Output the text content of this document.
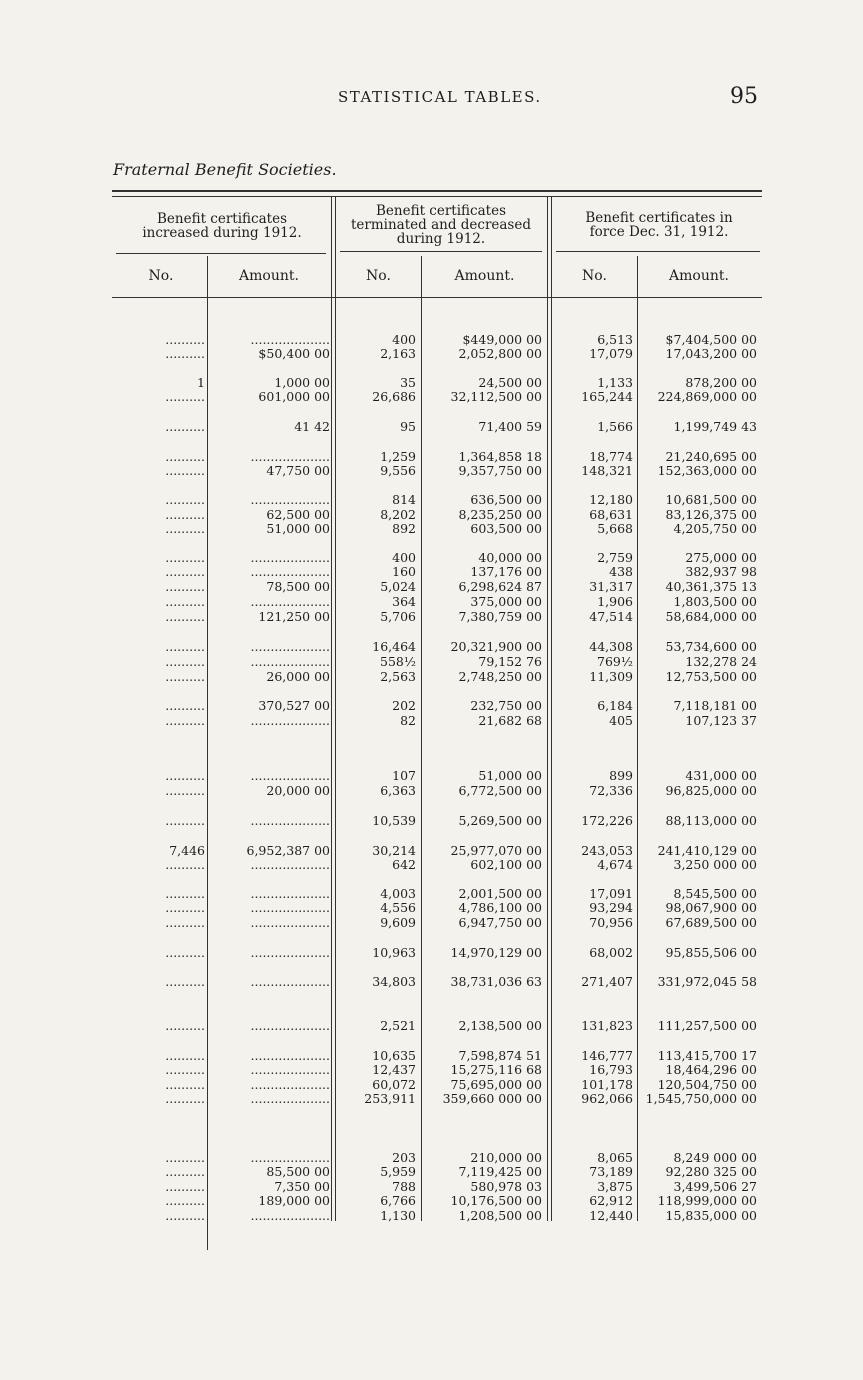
STATISTICAL TABLES.	95
Fraternal Benefit Societies.
Benefit certificates increased during 1912.
Benefit certificates terminated and decreased during 1912.
Benefit certificates in force Dec. 31, 1912.
No.	Amount.	No.	Amount.	No.	Amount.
..........	....................	400	$449,000 00	6,513	$7,404,500 00
..........	$50,400 00	2,163	2,052,800 00	17,079	17,043,200 00
1	1,000 00	35	24,500 00	1,133	878,200 00
..........	601,000 00	26,686	32,112,500 00	165,244	224,869,000 00
..........	41 42	95	71,400 59	1,566	1,199,749 43
..........	....................	1,259	1,364,858 18	18,774	21,240,695 00
..........	47,750 00	9,556	9,357,750 00	148,321	152,363,000 00
..........	....................	814	636,500 00	12,180	10,681,500 00
..........	62,500 00	8,202	8,235,250 00	68,631	83,126,375 00
..........	51,000 00	892	603,500 00	5,668	4,205,750 00
..........	....................	400	40,000 00	2,759	275,000 00
..........	....................	160	137,176 00	438	382,937 98
..........	78,500 00	5,024	6,298,624 87	31,317	40,361,375 13
..........	....................	364	375,000 00	1,906	1,803,500 00
..........	121,250 00	5,706	7,380,759 00	47,514	58,684,000 00
..........	....................	16,464	20,321,900 00	44,308	53,734,600 00
..........	....................	558½	79,152 76	769½	132,278 24
..........	26,000 00	2,563	2,748,250 00	11,309	12,753,500 00
..........	370,527 00	202	232,750 00	6,184	7,118,181 00
..........	....................	82	21,682 68	405	107,123 37
..........	....................	107	51,000 00	899	431,000 00
..........	20,000 00	6,363	6,772,500 00	72,336	96,825,000 00
..........	....................	10,539	5,269,500 00	172,226	88,113,000 00
7,446	6,952,387 00	30,214	25,977,070 00	243,053	241,410,129 00
..........	....................	642	602,100 00	4,674	3,250 000 00
..........	....................	4,003	2,001,500 00	17,091	8,545,500 00
..........	....................	4,556	4,786,100 00	93,294	98,067,900 00
..........	....................	9,609	6,947,750 00	70,956	67,689,500 00
..........	....................	10,963	14,970,129 00	68,002	95,855,506 00
..........	....................	34,803	38,731,036 63	271,407	331,972,045 58
..........	....................	2,521	2,138,500 00	131,823	111,257,500 00
..........	....................	10,635	7,598,874 51	146,777	113,415,700 17
..........	....................	12,437	15,275,116 68	16,793	18,464,296 00
..........	....................	60,072	75,695,000 00	101,178	120,504,750 00
..........	....................	253,911	359,660 000 00	962,066	1,545,750,000 00
..........	....................	203	210,000 00	8,065	8,249 000 00
..........	85,500 00	5,959	7,119,425 00	73,189	92,280 325 00
..........	7,350 00	788	580,978 03	3,875	3,499,506 27
..........	189,000 00	6,766	10,176,500 00	62,912	118,999,000 00
..........	....................	1,130	1,208,500 00	12,440	15,835,000 00
